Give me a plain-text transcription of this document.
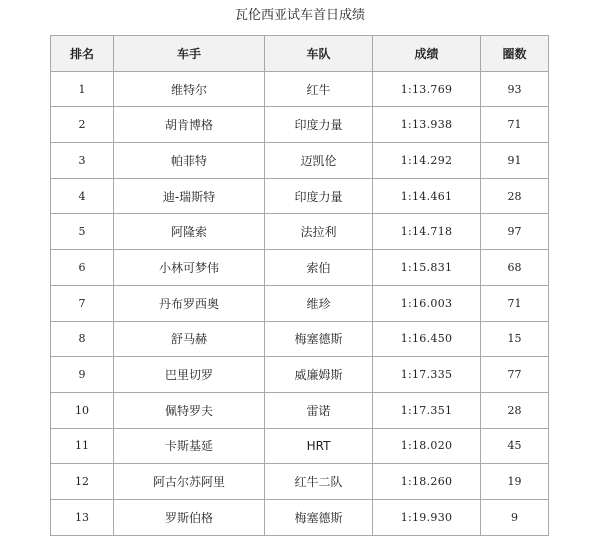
瓦伦西亚试车首日成绩
排名	车手	车队	成绩	圈数
1	维特尔	红牛	1:13.769	93
2	胡肯博格	印度力量	1:13.938	71
3	帕菲特	迈凯伦	1:14.292	91
4	迪-瑞斯特	印度力量	1:14.461	28
5	阿隆索	法拉利	1:14.718	97
6	小林可梦伟	索伯	1:15.831	68
7	丹布罗西奥	维珍	1:16.003	71
8	舒马赫	梅塞德斯	1:16.450	15
9	巴里切罗	威廉姆斯	1:17.335	77
10	佩特罗夫	雷诺	1:17.351	28
11	卡斯基延	HRT	1:18.020	45
12	阿古尔苏阿里	红牛二队	1:18.260	19
13	罗斯伯格	梅塞德斯	1:19.930	9
